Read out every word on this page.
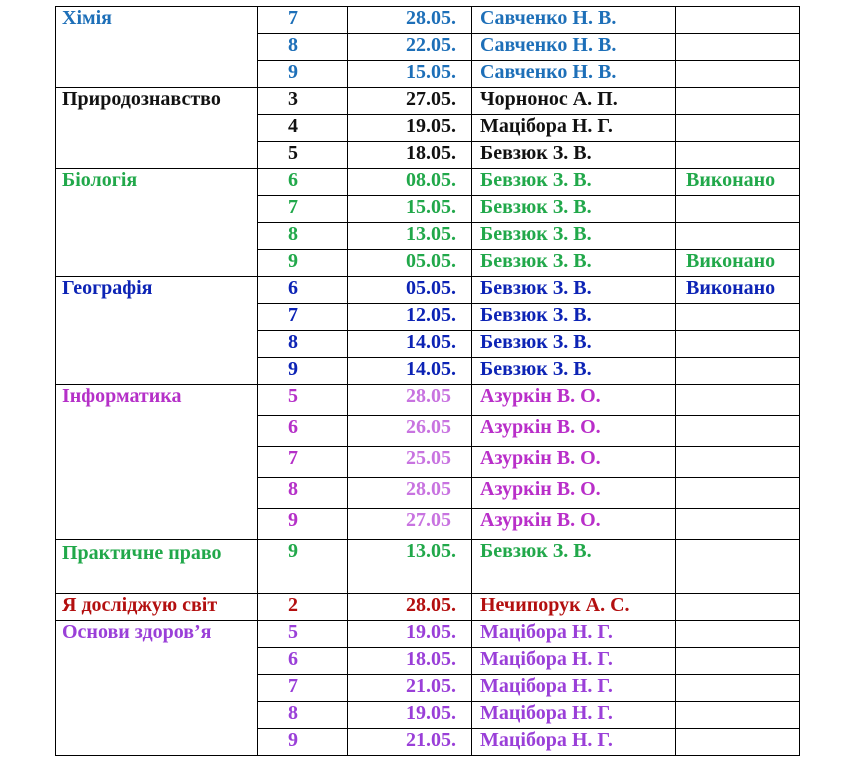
Хімія	7	28.05.	Савченко Н. В.	
	8	22.05.	Савченко Н. В.	
	9	15.05.	Савченко Н. В.	
Природознавство	3	27.05.	Чорнонос А. П.	
	4	19.05.	Мацібора Н. Г.	
	5	18.05.	Бевзюк З. В.	
Біологія	6	08.05.	Бевзюк З. В.	Виконано
	7	15.05.	Бевзюк З. В.	
	8	13.05.	Бевзюк З. В.	
	9	05.05.	Бевзюк З. В.	Виконано
Географія	6	05.05.	Бевзюк З. В.	Виконано
	7	12.05.	Бевзюк З. В.	
	8	14.05.	Бевзюк З. В.	
	9	14.05.	Бевзюк З. В.	
Інформатика	5	28.05	Азуркін В. О.	
	6	26.05	Азуркін В. О.	
	7	25.05	Азуркін В. О.	
	8	28.05	Азуркін В. О.	
	9	27.05	Азуркін В. О.	
Практичне право	9	13.05.	Бевзюк З. В.	
Я досліджую світ	2	28.05.	Нечипорук А. С.	
Основи здоров’я	5	19.05.	Мацібора Н. Г.	
	6	18.05.	Мацібора Н. Г.	
	7	21.05.	Мацібора Н. Г.	
	8	19.05.	Мацібора Н. Г.	
	9	21.05.	Мацібора Н. Г.	
